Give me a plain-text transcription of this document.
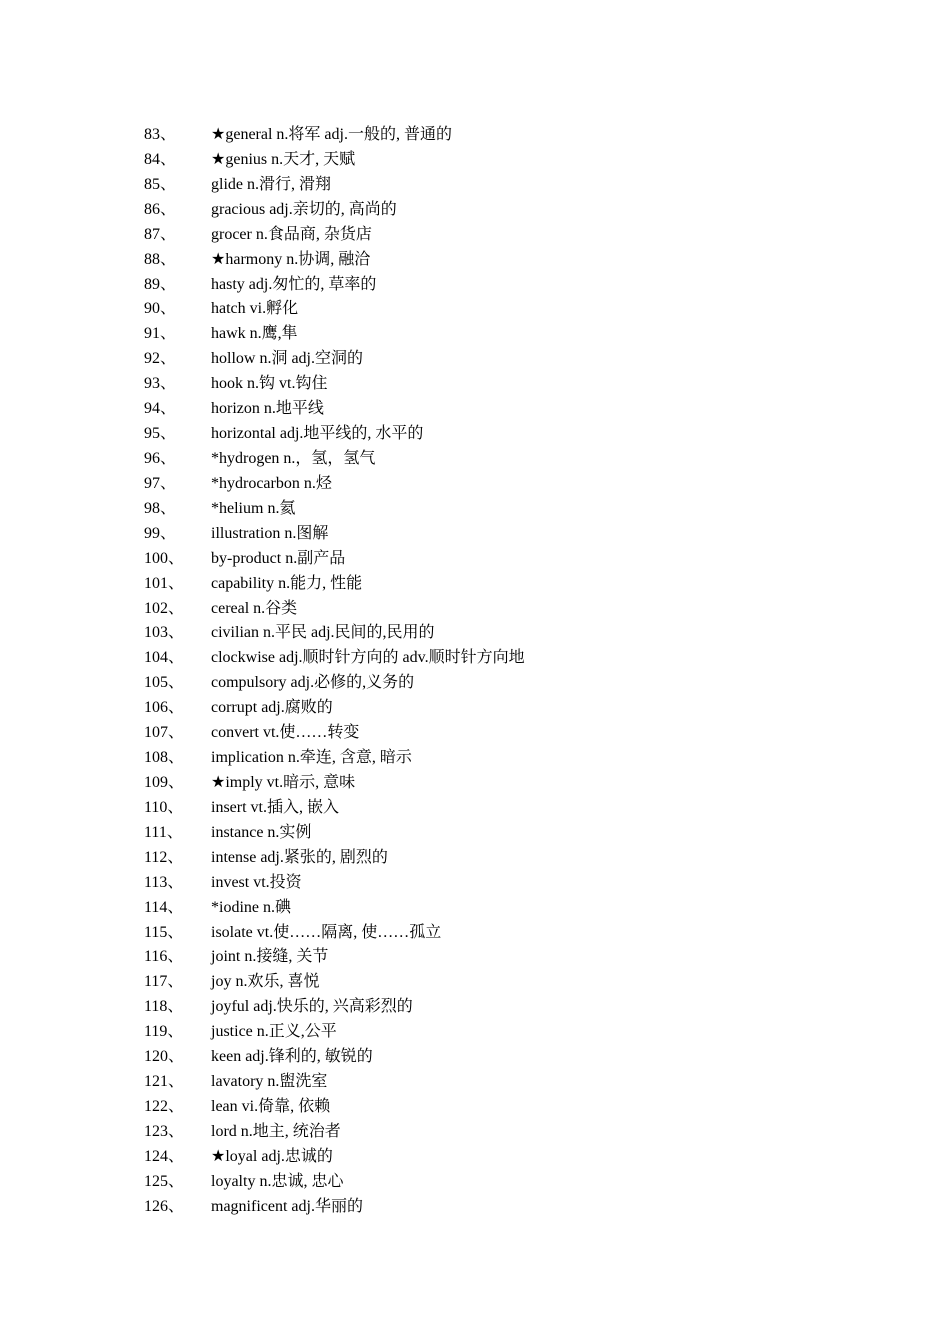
83、 ★general n.将军 adj.一般的, 普通的
84、 ★genius n.天才, 天赋
85、 glide n.滑行, 滑翔
86、 gracious adj.亲切的, 高尚的
87、 grocer n.食品商, 杂货店
88、 ★harmony n.协调, 融洽
89、 hasty adj.匆忙的, 草率的
90、 hatch vi.孵化
91、 hawk n.鹰,隼
92、 hollow n.洞 adj.空洞的
93、 hook n.钩 vt.钩住
94、 horizon n.地平线
95、 horizontal adj.地平线的, 水平的
96、 *hydrogen n.，氢，氢气
97、 *hydrocarbon n.烃
98、 *helium n.氦
99、 illustration n.图解
100、 by-product n.副产品
101、 capability n.能力, 性能
102、 cereal n.谷类
103、 civilian n.平民 adj.民间的,民用的
104、 clockwise adj.顺时针方向的 adv.顺时针方向地
105、 compulsory adj.必修的,义务的
106、 corrupt adj.腐败的
107、 convert vt.使……转变
108、 implication n.牵连, 含意, 暗示
109、 ★imply vt.暗示, 意味
110、 insert vt.插入, 嵌入
111、 instance n.实例
112、 intense adj.紧张的, 剧烈的
113、 invest vt.投资
114、 *iodine n.碘
115、 isolate vt.使……隔离, 使……孤立
116、 joint n.接缝, 关节
117、 joy n.欢乐, 喜悦
118、 joyful adj.快乐的, 兴高彩烈的
119、 justice n.正义,公平
120、 keen adj.锋利的, 敏锐的
121、 lavatory n.盥洗室
122、 lean vi.倚靠, 依赖
123、 lord n.地主, 统治者
124、 ★loyal adj.忠诚的
125、 loyalty n.忠诚, 忠心
126、 magnificent adj.华丽的
